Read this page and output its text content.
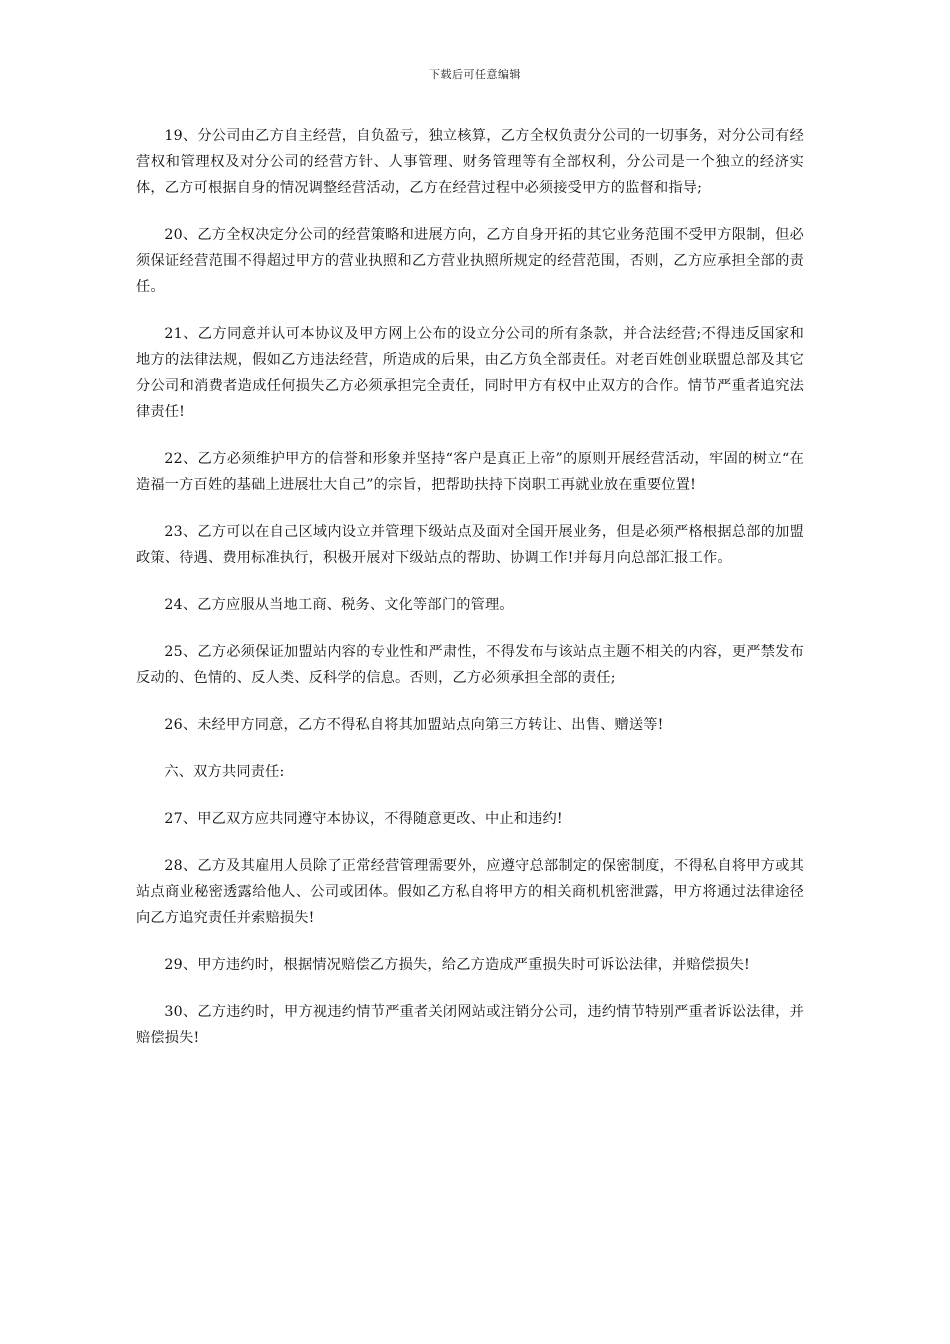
下载后可任意编辑

19、分公司由乙方自主经营，自负盈亏，独立核算，乙方全权负责分公司的一切事务，对分公司有经营权和管理权及对分公司的经营方针、人事管理、财务管理等有全部权利，分公司是一个独立的经济实体，乙方可根据自身的情况调整经营活动，乙方在经营过程中必须接受甲方的监督和指导;

20、乙方全权决定分公司的经营策略和进展方向，乙方自身开拓的其它业务范围不受甲方限制，但必须保证经营范围不得超过甲方的营业执照和乙方营业执照所规定的经营范围，否则，乙方应承担全部的责任。

21、乙方同意并认可本协议及甲方网上公布的设立分公司的所有条款，并合法经营;不得违反国家和地方的法律法规，假如乙方违法经营，所造成的后果，由乙方负全部责任。对老百姓创业联盟总部及其它分公司和消费者造成任何损失乙方必须承担完全责任，同时甲方有权中止双方的合作。情节严重者追究法律责任!

22、乙方必须维护甲方的信誉和形象并坚持“客户是真正上帝”的原则开展经营活动，牢固的树立“在造福一方百姓的基础上进展壮大自己”的宗旨，把帮助扶持下岗职工再就业放在重要位置!

23、乙方可以在自己区域内设立并管理下级站点及面对全国开展业务，但是必须严格根据总部的加盟政策、待遇、费用标准执行，积极开展对下级站点的帮助、协调工作!并每月向总部汇报工作。

24、乙方应服从当地工商、税务、文化等部门的管理。

25、乙方必须保证加盟站内容的专业性和严肃性，不得发布与该站点主题不相关的内容，更严禁发布反动的、色情的、反人类、反科学的信息。否则，乙方必须承担全部的责任;

26、未经甲方同意，乙方不得私自将其加盟站点向第三方转让、出售、赠送等!

六、双方共同责任:

27、甲乙双方应共同遵守本协议，不得随意更改、中止和违约!

28、乙方及其雇用人员除了正常经营管理需要外，应遵守总部制定的保密制度，不得私自将甲方或其站点商业秘密透露给他人、公司或团体。假如乙方私自将甲方的相关商机机密泄露，甲方将通过法律途径向乙方追究责任并索赔损失!

29、甲方违约时，根据情况赔偿乙方损失，给乙方造成严重损失时可诉讼法律，并赔偿损失!

30、乙方违约时，甲方视违约情节严重者关闭网站或注销分公司，违约情节特别严重者诉讼法律，并赔偿损失!
